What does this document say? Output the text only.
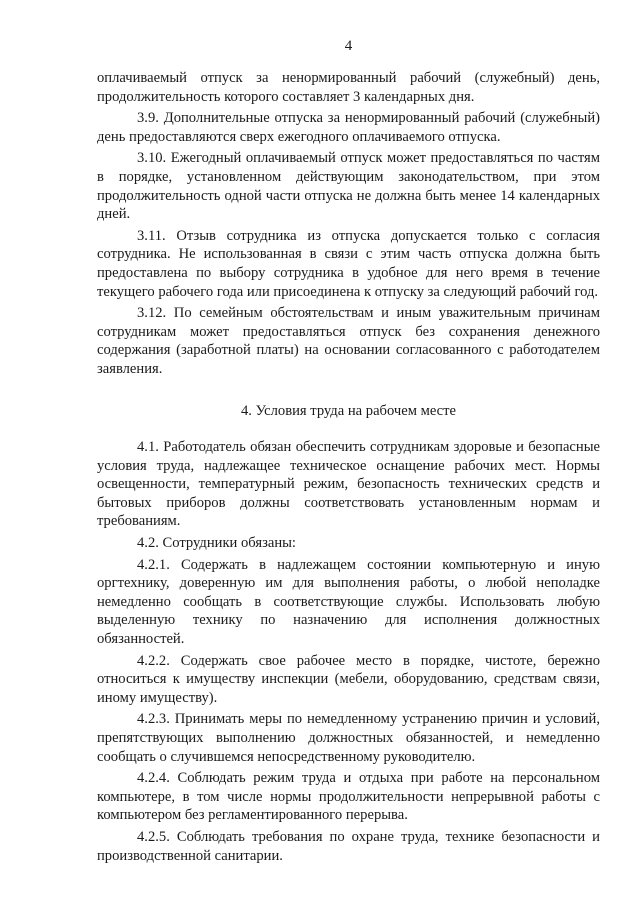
4

оплачиваемый отпуск за ненормированный рабочий (служебный) день, продолжительность которого составляет 3 календарных дня.

3.9. Дополнительные отпуска за ненормированный рабочий (служебный) день предоставляются сверх ежегодного оплачиваемого отпуска.

3.10. Ежегодный оплачиваемый отпуск может предоставляться по частям в порядке, установленном действующим законодательством, при этом продолжительность одной части отпуска не должна быть менее 14 календарных дней.

3.11. Отзыв сотрудника из отпуска допускается только с согласия сотрудника. Не использованная в связи с этим часть отпуска должна быть предоставлена по выбору сотрудника в удобное для него время в течение текущего рабочего года или присоединена к отпуску за следующий рабочий год.

3.12. По семейным обстоятельствам и иным уважительным причинам сотрудникам может предоставляться отпуск без сохранения денежного содержания (заработной платы) на основании согласованного с работодателем заявления.

4. Условия труда на рабочем месте

4.1. Работодатель обязан обеспечить сотрудникам здоровые и безопасные условия труда, надлежащее техническое оснащение рабочих мест. Нормы освещенности, температурный режим, безопасность технических средств и бытовых приборов должны соответствовать установленным нормам и требованиям.

4.2. Сотрудники обязаны:

4.2.1. Содержать в надлежащем состоянии компьютерную и иную оргтехнику, доверенную им для выполнения работы, о любой неполадке немедленно сообщать в соответствующие службы. Использовать любую выделенную технику по назначению для исполнения должностных обязанностей.

4.2.2. Содержать свое рабочее место в порядке, чистоте, бережно относиться к имуществу инспекции (мебели, оборудованию, средствам связи, иному имуществу).

4.2.3. Принимать меры по немедленному устранению причин и условий, препятствующих выполнению должностных обязанностей, и немедленно сообщать о случившемся непосредственному руководителю.

4.2.4. Соблюдать режим труда и отдыха при работе на персональном компьютере, в том числе нормы продолжительности непрерывной работы с компьютером без регламентированного перерыва.

4.2.5. Соблюдать требования по охране труда, технике безопасности и производственной санитарии.
